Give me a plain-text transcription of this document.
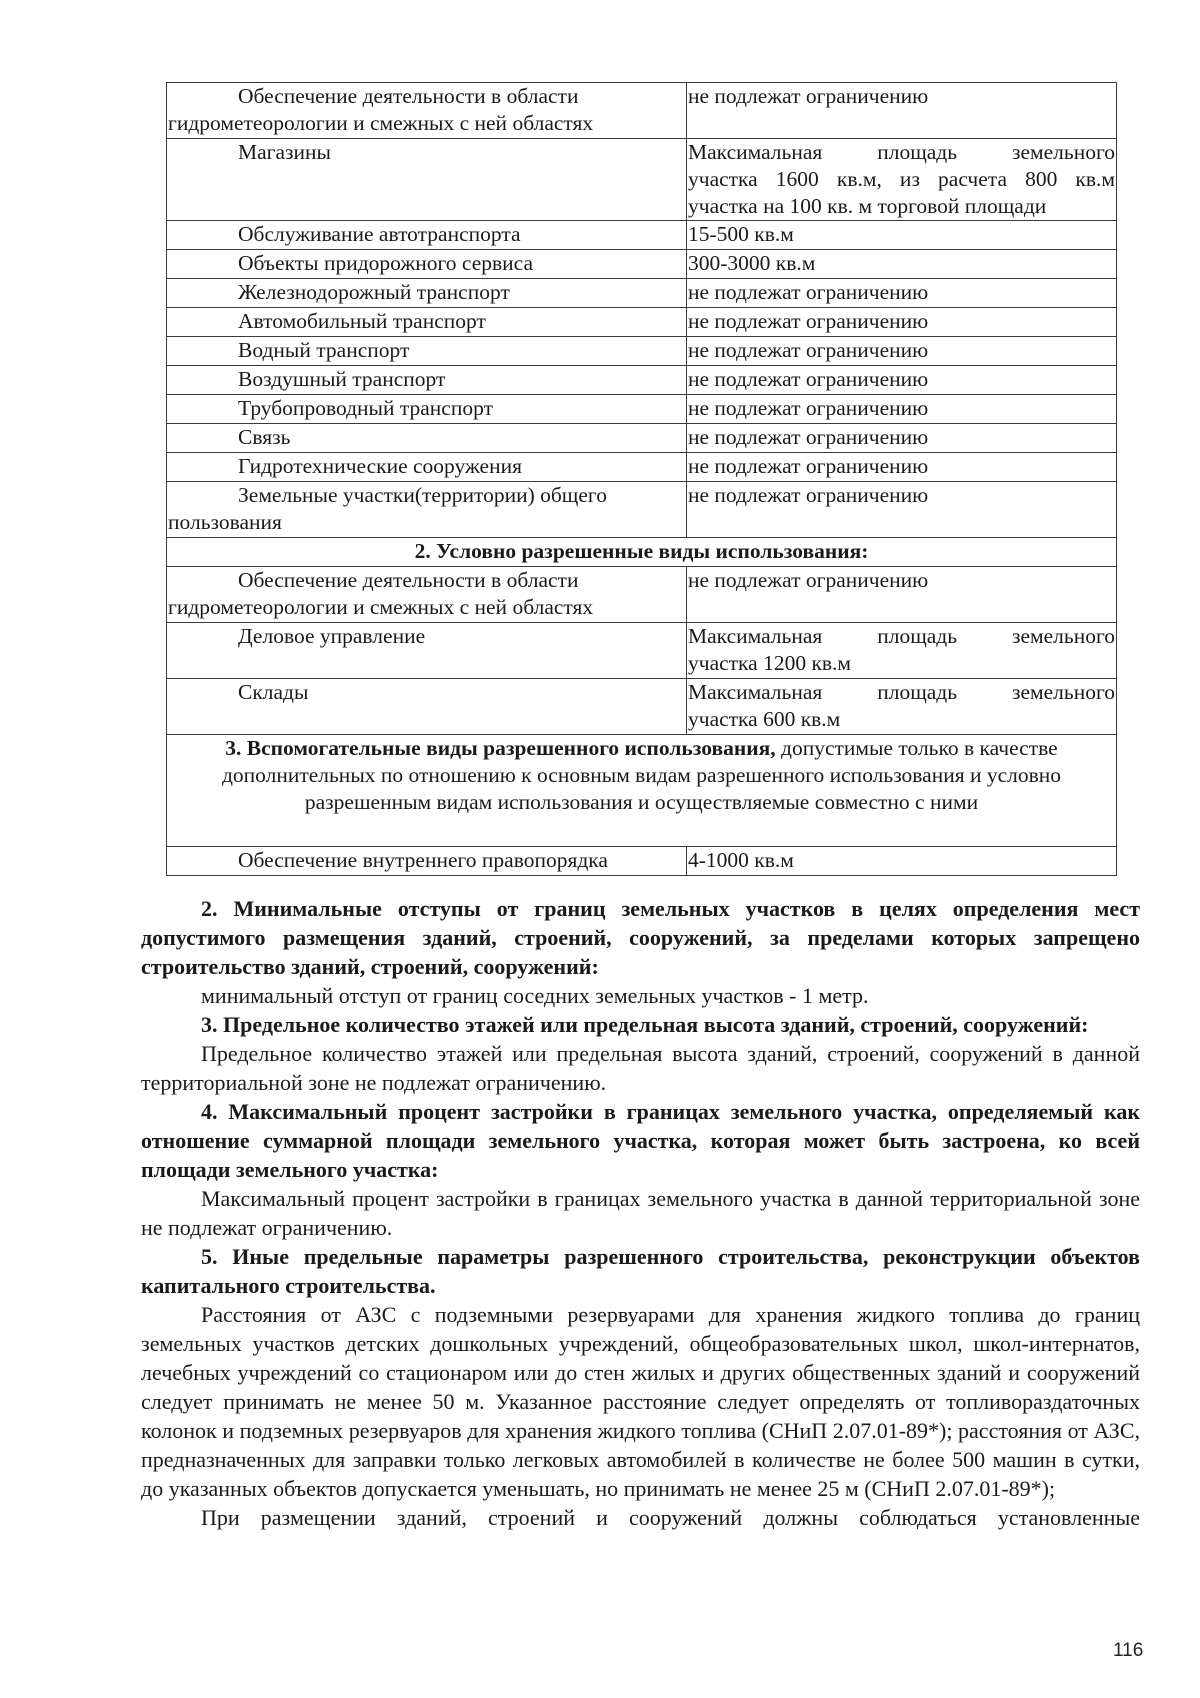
Обеспечение деятельности в области
гидрометеорологии и смежных с ней областях	не подлежат ограничению

Магазины	Максимальная площадь земельного
участка 1600 кв.м, из расчета 800 кв.м
участка на 100 кв. м торговой площади

Обслуживание автотранспорта	15-500 кв.м

Объекты придорожного сервиса	300-3000 кв.м

Железнодорожный транспорт	не подлежат ограничению

Автомобильный транспорт	не подлежат ограничению

Водный транспорт	не подлежат ограничению

Воздушный транспорт	не подлежат ограничению

Трубопроводный транспорт	не подлежат ограничению

Связь	не подлежат ограничению

Гидротехнические сооружения	не подлежат ограничению

Земельные участки(территории) общего
пользования	не подлежат ограничению
2. Условно разрешенные виды использования:	

Обеспечение деятельности в области
гидрометеорологии и смежных с ней областях	не подлежат ограничению

Деловое управление	Максимальная площадь земельного
участка 1200 кв.м

Склады	Максимальная площадь земельного
участка 600 кв.м

3. Вспомогательные виды разрешенного использования, допустимые только в качестве дополнительных по отношению к основным видам разрешенного использования и условно разрешенным видам использования и осуществляемые совместно с ними	

Обеспечение внутреннего правопорядка	4-1000 кв.м

2. Минимальные отступы от границ земельных участков в целях определения мест допустимого размещения зданий, строений, сооружений, за пределами которых запрещено строительство зданий, строений, сооружений:

минимальный отступ от границ соседних земельных участков - 1 метр.

3. Предельное количество этажей или предельная высота зданий, строений, сооружений:

Предельное количество этажей или предельная высота зданий, строений, сооружений в данной территориальной зоне не подлежат ограничению.

4. Максимальный процент застройки в границах земельного участка, определяемый как отношение суммарной площади земельного участка, которая может быть застроена, ко всей площади земельного участка:

Максимальный процент застройки в границах земельного участка в данной территориальной зоне не подлежат ограничению.

5. Иные предельные параметры разрешенного строительства, реконструкции объектов капитального строительства.

Расстояния от АЗС с подземными резервуарами для хранения жидкого топлива до границ земельных участков детских дошкольных учреждений, общеобразовательных школ, школ-интернатов, лечебных учреждений со стационаром или до стен жилых и других общественных зданий и сооружений следует принимать не менее 50 м. Указанное расстояние следует определять от топливораздаточных колонок и подземных резервуаров для хранения жидкого топлива (СНиП 2.07.01-89*); расстояния от АЗС, предназначенных для заправки только легковых автомобилей в количестве не более 500 машин в сутки, до указанных объектов допускается уменьшать, но принимать не менее 25 м (СНиП 2.07.01-89*);

При размещении зданий, строений и сооружений должны соблюдаться установленные

116
